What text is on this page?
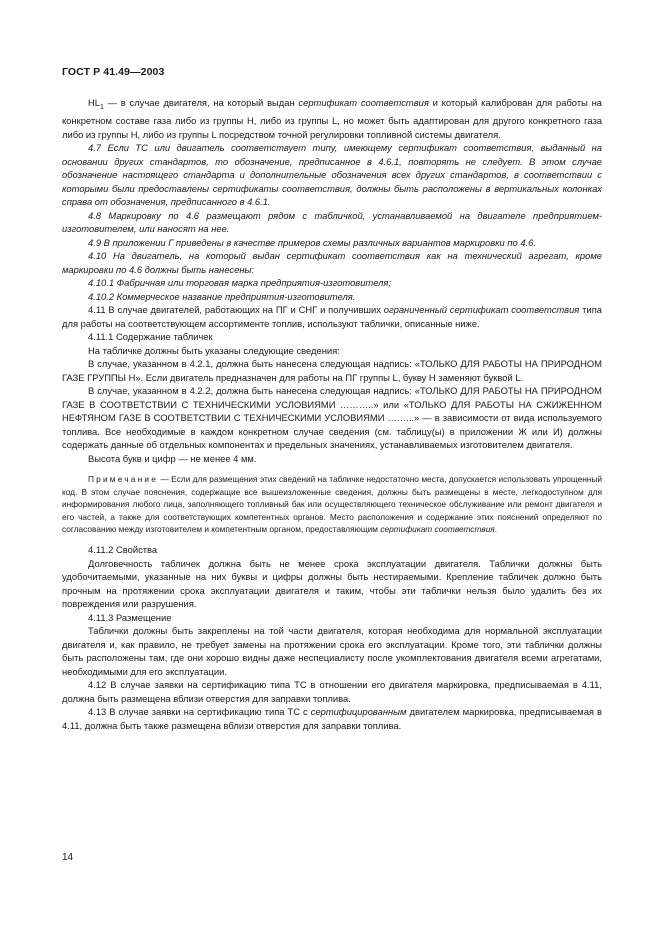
ГОСТ Р 41.49—2003

$HL_1$ — в случае двигателя, на который выдан сертификат соответствия и который калиброван для работы на конкретном составе газа либо из группы H, либо из группы L, но может быть адаптирован для другого конкретного газа либо из группы H, либо из группы L посредством точной регулировки топливной системы двигателя.

4.7 Если ТС или двигатель соответствует типу, имеющему сертификат соответствия, выданный на основании других стандартов, то обозначение, предписанное в 4.6.1, повторять не следует. В этом случае обозначение настоящего стандарта и дополнительные обозначения всех других стандартов, в соответствии с которыми были предоставлены сертификаты соответствия, должны быть расположены в вертикальных колонках справа от обозначения, предписанного в 4.6.1.

4.8 Маркировку по 4.6 размещают рядом с табличкой, устанавливаемой на двигателе предприятием-изготовителем, или наносят на нее.

4.9 В приложении Г приведены в качестве примеров схемы различных вариантов маркировки по 4.6.

4.10 На двигатель, на который выдан сертификат соответствия как на технический агрегат, кроме маркировки по 4.6 должны быть нанесены:

4.10.1 Фабричная или торговая марка предприятия-изготовителя;

4.10.2 Коммерческое название предприятия-изготовителя.

4.11 В случае двигателей, работающих на ПГ и СНГ и получивших ограниченный сертификат соответствия типа для работы на соответствующем ассортименте топлив, используют таблички, описанные ниже.

4.11.1 Содержание табличек

На табличке должны быть указаны следующие сведения:

В случае, указанном в 4.2.1, должна быть нанесена следующая надпись: «ТОЛЬКО ДЛЯ РАБОТЫ НА ПРИРОДНОМ ГАЗЕ ГРУППЫ H». Если двигатель предназначен для работы на ПГ группы L, букву H заменяют буквой L.

В случае, указанном в 4.2.2, должна быть нанесена следующая надпись: «ТОЛЬКО ДЛЯ РАБОТЫ НА ПРИРОДНОМ ГАЗЕ В СООТВЕТСТВИИ С ТЕХНИЧЕСКИМИ УСЛОВИЯМИ ………..» или «ТОЛЬКО ДЛЯ РАБОТЫ НА СЖИЖЕННОМ НЕФТЯНОМ ГАЗЕ В СООТВЕТСТВИИ С ТЕХНИЧЕСКИМИ УСЛОВИЯМИ ……...» — в зависимости от вида используемого топлива. Все необходимые в каждом конкретном случае сведения (см. таблицу(ы) в приложении Ж или И) должны содержать данные об отдельных компонентах и предельных значениях, устанавливаемых изготовителем двигателя.

Высота букв и цифр — не менее 4 мм.

Примечание — Если для размещения этих сведений на табличке недостаточно места, допускается использовать упрощенный код. В этом случае пояснения, содержащие все вышеизложенные сведения, должны быть размещены в месте, легкодоступном для информирования любого лица, заполняющего топливный бак или осуществляющего техническое обслуживание или ремонт двигателя и его частей, а также для соответствующих компетентных органов. Место расположения и содержание этих пояснений определяют по согласованию между изготовителем и компетентным органом, предоставляющим сертификат соответствия.

4.11.2 Свойства

Долговечность табличек должна быть не менее срока эксплуатации двигателя. Таблички должны быть удобочитаемыми, указанные на них буквы и цифры должны быть нестираемыми. Крепление табличек должно быть прочным на протяжении срока эксплуатации двигателя и таким, чтобы эти таблички нельзя было удалить без их повреждения или разрушения.

4.11.3 Размещение

Таблички должны быть закреплены на той части двигателя, которая необходима для нормальной эксплуатации двигателя и, как правило, не требует замены на протяжении срока его эксплуатации. Кроме того, эти таблички должны быть расположены там, где они хорошо видны даже неспециалисту после укомплектования двигателя всеми агрегатами, необходимыми для его эксплуатации.

4.12 В случае заявки на сертификацию типа ТС в отношении его двигателя маркировка, предписываемая в 4.11, должна быть размещена вблизи отверстия для заправки топлива.

4.13 В случае заявки на сертификацию типа ТС с сертифицированным двигателем маркировка, предписываемая в 4.11, должна быть также размещена вблизи отверстия для заправки топлива.

14
